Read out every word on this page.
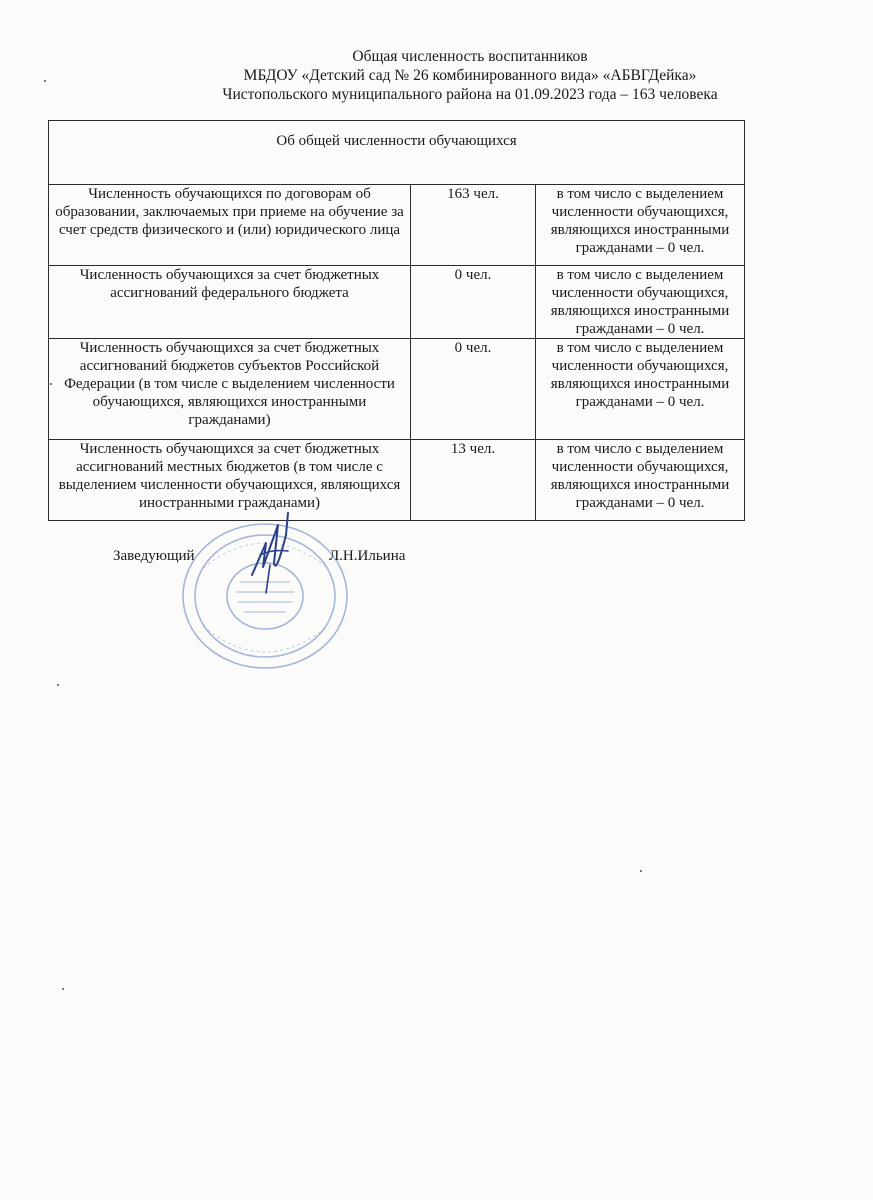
Общая численность воспитанников
МБДОУ «Детский сад № 26 комбинированного вида» «АБВГДейка»
Чистопольского муниципального района на 01.09.2023 года – 163 человека
Об общей численности обучающихся		
Численность обучающихся по договорам об образовании, заключаемых при приеме на обучение за счет средств физического и (или) юридического лица	163 чел.	в том число с выделением численности обучающихся, являющихся иностранными гражданами – 0 чел.
Численность обучающихся за счет бюджетных ассигнований федерального бюджета	0 чел.	в том число с выделением численности обучающихся, являющихся иностранными гражданами – 0 чел.
Численность обучающихся за счет бюджетных ассигнований бюджетов субъектов Российской Федерации (в том числе с выделением численности обучающихся, являющихся иностранными гражданами)	0 чел.	в том число с выделением численности обучающихся, являющихся иностранными гражданами – 0 чел.
Численность обучающихся за счет бюджетных ассигнований местных бюджетов (в том числе с выделением численности обучающихся, являющихся иностранными гражданами)	13 чел.	в том число с выделением численности обучающихся, являющихся иностранными гражданами – 0 чел.
Заведующий	Л.Н.Ильина
